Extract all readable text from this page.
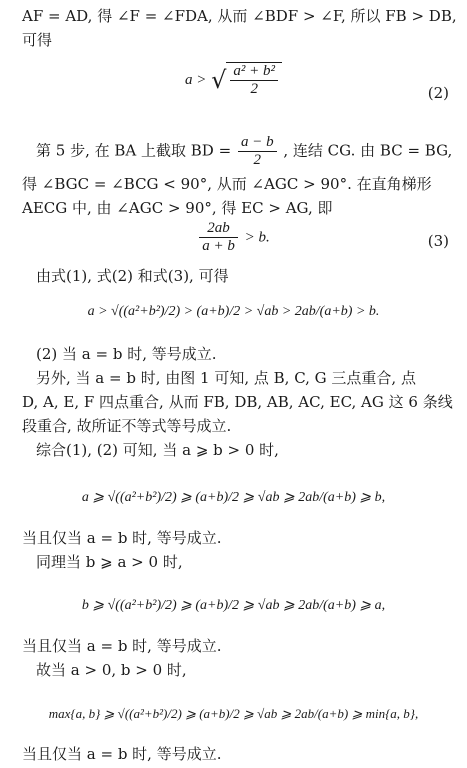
AF = AD, 得 ∠F = ∠FDA, 从而 ∠BDF > ∠F, 所以 FB > DB,
可得
a > √ $\frac{\text{a² + b²}}{2}$	(2)
第 5 步, 在 BA 上截取 BD = $\frac{a - b}{2}$ , 连结 CG. 由 BC = BG,
得 ∠BGC = ∠BCG < 90°, 从而 ∠AGC > 90°. 在直角梯形
AECG 中, 由 ∠AGC > 90°, 得 EC > AG, 即
$\frac{2ab}{a + b} > b$.	(3)
由式(1), 式(2) 和式(3), 可得
a > √((a²+b²)/2) > (a+b)/2 > √ab > 2ab/(a+b) > b.
(2) 当 a = b 时, 等号成立.
另外, 当 a = b 时, 由图 1 可知, 点 B, C, G 三点重合, 点
D, A, E, F 四点重合, 从而 FB, DB, AB, AC, EC, AG 这 6 条线
段重合, 故所证不等式等号成立.
综合(1), (2) 可知, 当 a ⩾ b > 0 时,
a ⩾ √((a²+b²)/2) ⩾ (a+b)/2 ⩾ √ab ⩾ 2ab/(a+b) ⩾ b,
当且仅当 a = b 时, 等号成立.
同理当 b ⩾ a > 0 时,
b ⩾ √((a²+b²)/2) ⩾ (a+b)/2 ⩾ √ab ⩾ 2ab/(a+b) ⩾ a,
当且仅当 a = b 时, 等号成立.
故当 a > 0, b > 0 时,
max{a, b} ⩾ √((a²+b²)/2) ⩾ (a+b)/2 ⩾ √ab ⩾ 2ab/(a+b) ⩾ min{a, b},
当且仅当 a = b 时, 等号成立.
